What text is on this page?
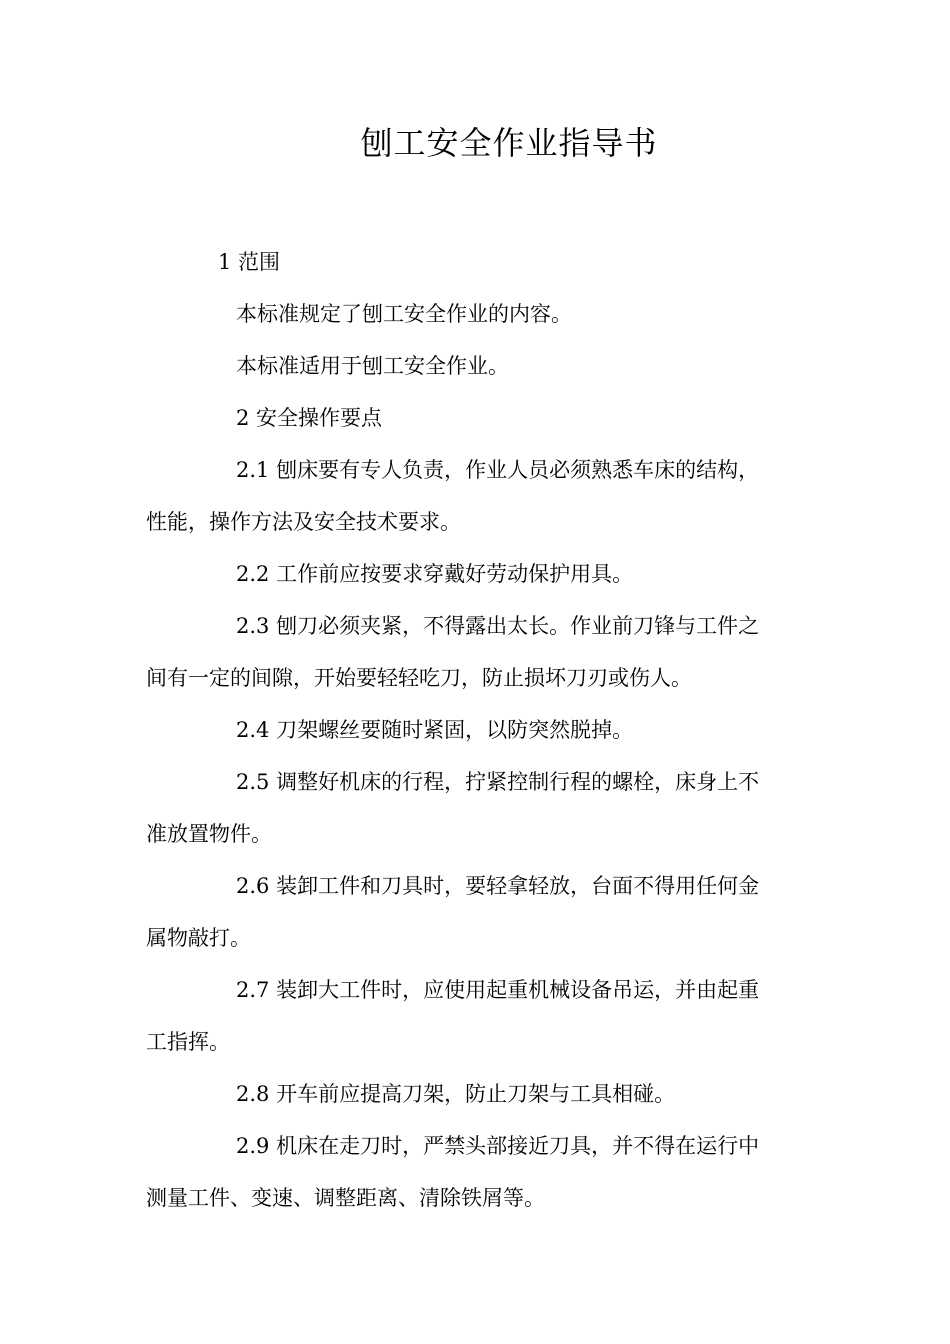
刨工安全作业指导书
1 范围
本标准规定了刨工安全作业的内容。
本标准适用于刨工安全作业。
2 安全操作要点
2.1 刨床要有专人负责，作业人员必须熟悉车床的结构，
性能，操作方法及安全技术要求。
2.2 工作前应按要求穿戴好劳动保护用具。
2.3 刨刀必须夹紧，不得露出太长。作业前刀锋与工件之
间有一定的间隙，开始要轻轻吃刀，防止损坏刀刃或伤人。
2.4 刀架螺丝要随时紧固，以防突然脱掉。
2.5 调整好机床的行程，拧紧控制行程的螺栓，床身上不
准放置物件。
2.6 装卸工件和刀具时，要轻拿轻放，台面不得用任何金
属物敲打。
2.7 装卸大工件时，应使用起重机械设备吊运，并由起重
工指挥。
2.8 开车前应提高刀架，防止刀架与工具相碰。
2.9 机床在走刀时，严禁头部接近刀具，并不得在运行中
测量工件、变速、调整距离、清除铁屑等。
